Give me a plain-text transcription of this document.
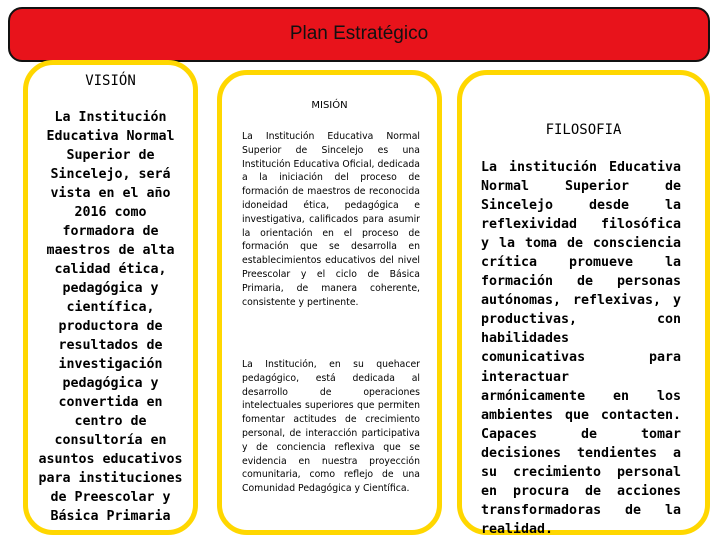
Plan Estratégico
VISIÓN
La Institución Educativa Normal Superior de Sincelejo, será vista en el año 2016 como formadora de maestros de alta calidad ética, pedagógica y científica, productora de resultados de investigación pedagógica y convertida en centro de consultoría en asuntos educativos para instituciones de Preescolar y Básica Primaria
MISIÓN

La Institución Educativa Normal Superior de Sincelejo es una Institución Educativa Oficial, dedicada a la iniciación del proceso de formación de maestros de reconocida idoneidad ética, pedagógica e investigativa, calificados para asumir la orientación en el proceso de formación que se desarrolla en establecimientos educativos del nivel Preescolar y el ciclo de Básica Primaria, de manera coherente, consistente y pertinente.

La Institución, en su quehacer pedagógico, está dedicada al desarrollo de operaciones intelectuales superiores que permiten fomentar actitudes de crecimiento personal, de interacción participativa y de conciencia reflexiva que se evidencia en nuestra proyección comunitaria, como reflejo de una Comunidad Pedagógica y Científica.

FILOSOFIA

La institución Educativa Normal Superior de Sincelejo desde la reflexividad filosófica y la toma de consciencia crítica promueve la formación de personas autónomas, reflexivas, y productivas, con habilidades comunicativas para interactuar armónicamente en los ambientes que contacten. Capaces de tomar decisiones tendientes a su crecimiento personal en procura de acciones transformadoras de la realidad.
